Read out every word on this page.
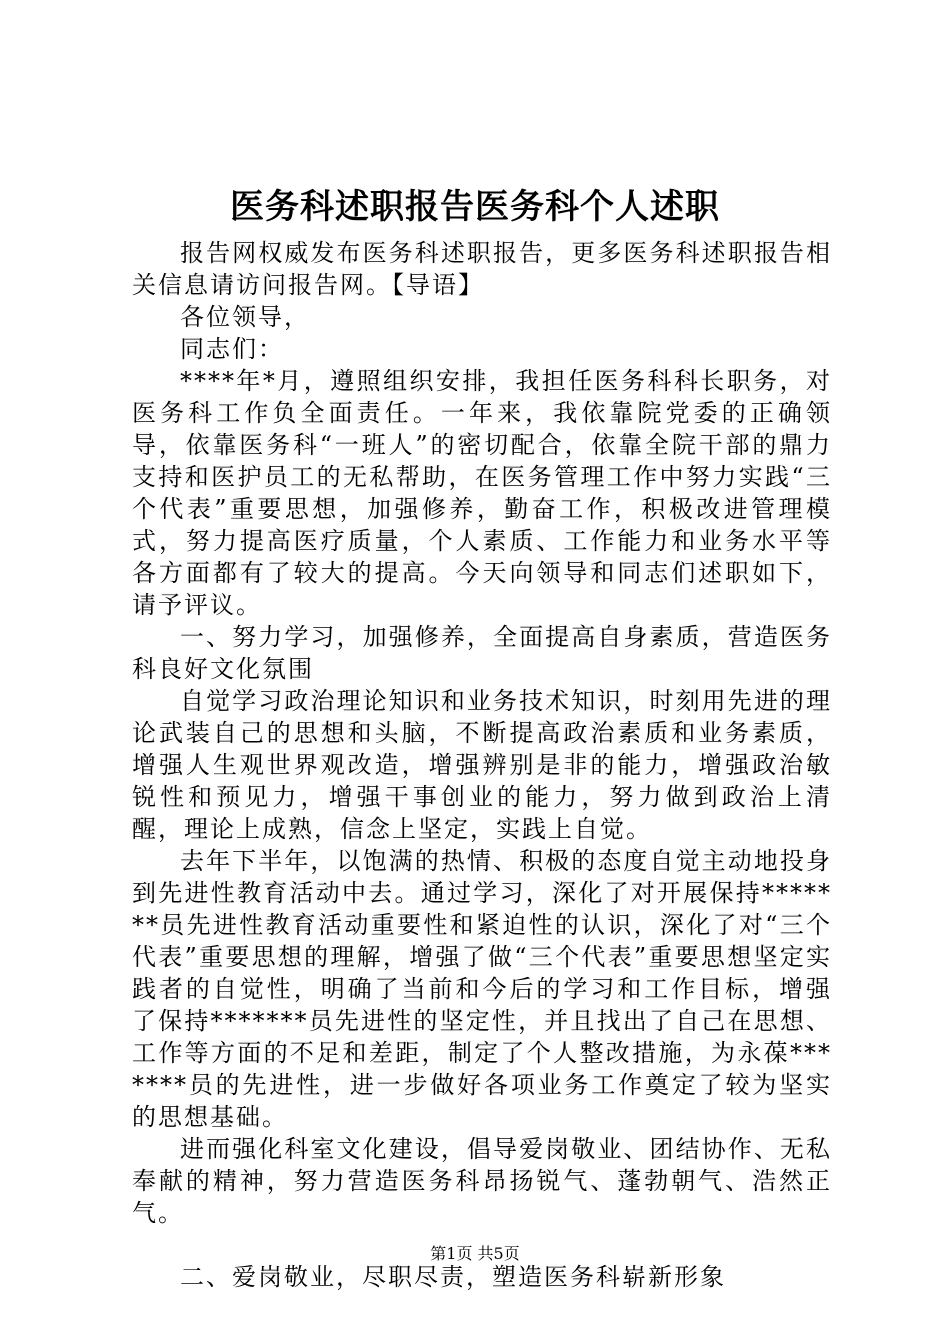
医务科述职报告医务科个人述职

报告网权威发布医务科述职报告，更多医务科述职报告相关信息请访问报告网。【导语】

各位领导，

同志们：

****年*月，遵照组织安排，我担任医务科科长职务，对医务科工作负全面责任。一年来，我依靠院党委的正确领导，依靠医务科“一班人”的密切配合，依靠全院干部的鼎力支持和医护员工的无私帮助，在医务管理工作中努力实践“三个代表”重要思想，加强修养，勤奋工作，积极改进管理模式，努力提高医疗质量，个人素质、工作能力和业务水平等各方面都有了较大的提高。今天向领导和同志们述职如下，请予评议。

一、努力学习，加强修养，全面提高自身素质，营造医务科良好文化氛围

自觉学习政治理论知识和业务技术知识，时刻用先进的理论武装自己的思想和头脑，不断提高政治素质和业务素质，增强人生观世界观改造，增强辨别是非的能力，增强政治敏锐性和预见力，增强干事创业的能力，努力做到政治上清醒，理论上成熟，信念上坚定，实践上自觉。

去年下半年，以饱满的热情、积极的态度自觉主动地投身到先进性教育活动中去。通过学习，深化了对开展保持*******员先进性教育活动重要性和紧迫性的认识，深化了对“三个代表”重要思想的理解，增强了做“三个代表”重要思想坚定实践者的自觉性，明确了当前和今后的学习和工作目标，增强了保持*******员先进性的坚定性，并且找出了自己在思想、工作等方面的不足和差距，制定了个人整改措施，为永葆*******员的先进性，进一步做好各项业务工作奠定了较为坚实的思想基础。

进而强化科室文化建设，倡导爱岗敬业、团结协作、无私奉献的精神，努力营造医务科昂扬锐气、蓬勃朝气、浩然正气。

二、爱岗敬业，尽职尽责，塑造医务科崭新形象

第1页 共5页
